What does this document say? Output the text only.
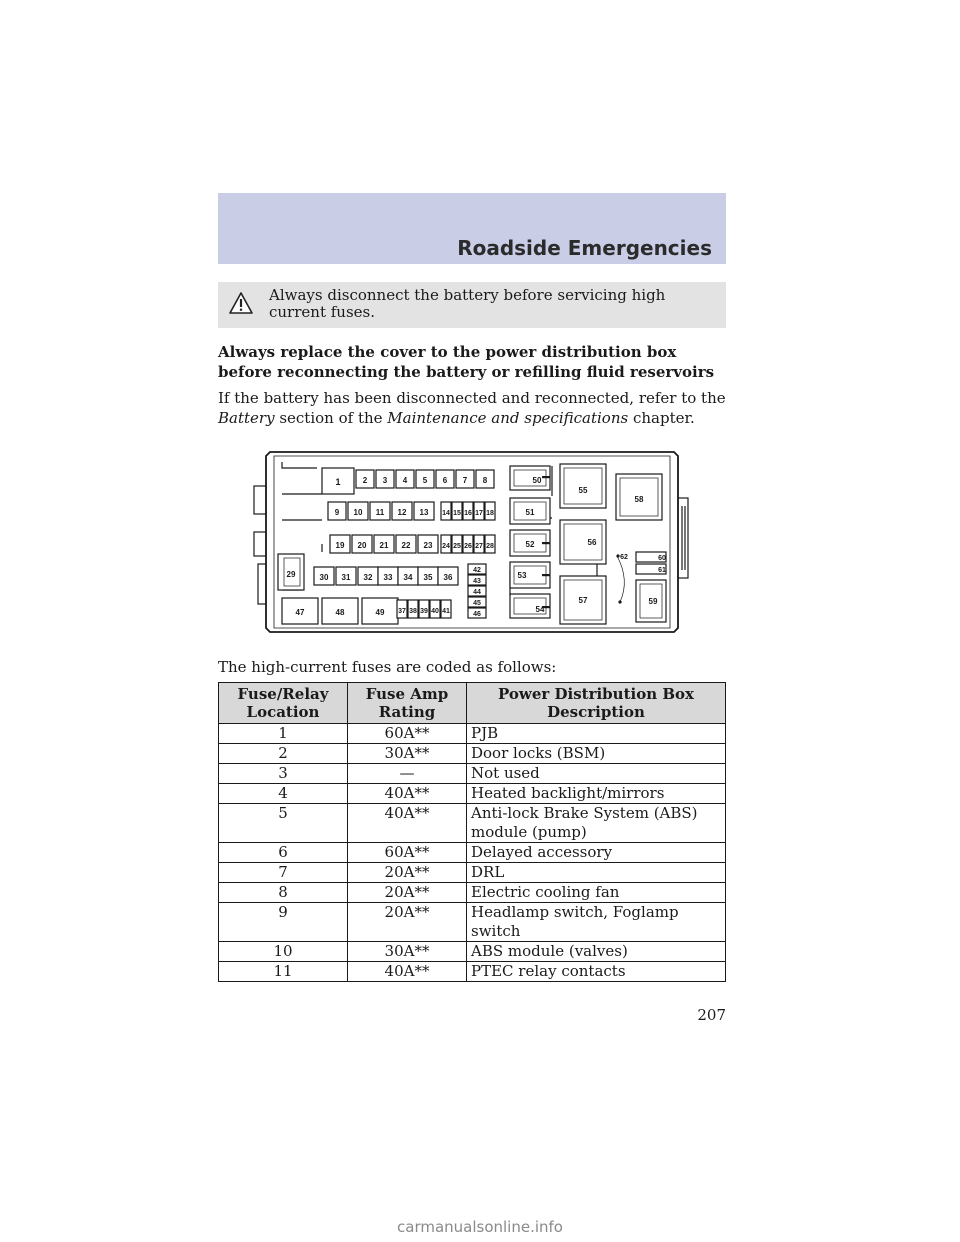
Roadside Emergencies
Always disconnect the battery before servicing high current fuses.
Always replace the cover to the power distribution box before reconnecting the battery or refilling fluid reservoirs
If the battery has been disconnected and reconnected, refer to the
Battery section of the Maintenance and specifications chapter.
1	2 3 4 5 6 7 8
9 10 11 12 13 14 15 16 17 18
19 20 21 22 23 24 25 26 27 28
29	30 31 32 33 34 35 36
37 38 39 40 41
42
43
44
45
46
47	48	49
50
51
52
53
54
55
56
57
58
59
60
61
62
The high-current fuses are coded as follows:
Fuse/Relay Location	Fuse Amp Rating	Power Distribution Box Description
1	60A**	PJB
2	30A**	Door locks (BSM)
3	—	Not used
4	40A**	Heated backlight/mirrors
5	40A**	Anti-lock Brake System (ABS) module (pump)
6	60A**	Delayed accessory
7	20A**	DRL
8	20A**	Electric cooling fan
9	20A**	Headlamp switch, Foglamp switch
10	30A**	ABS module (valves)
11	40A**	PTEC relay contacts
207
carmanualsonline.info
